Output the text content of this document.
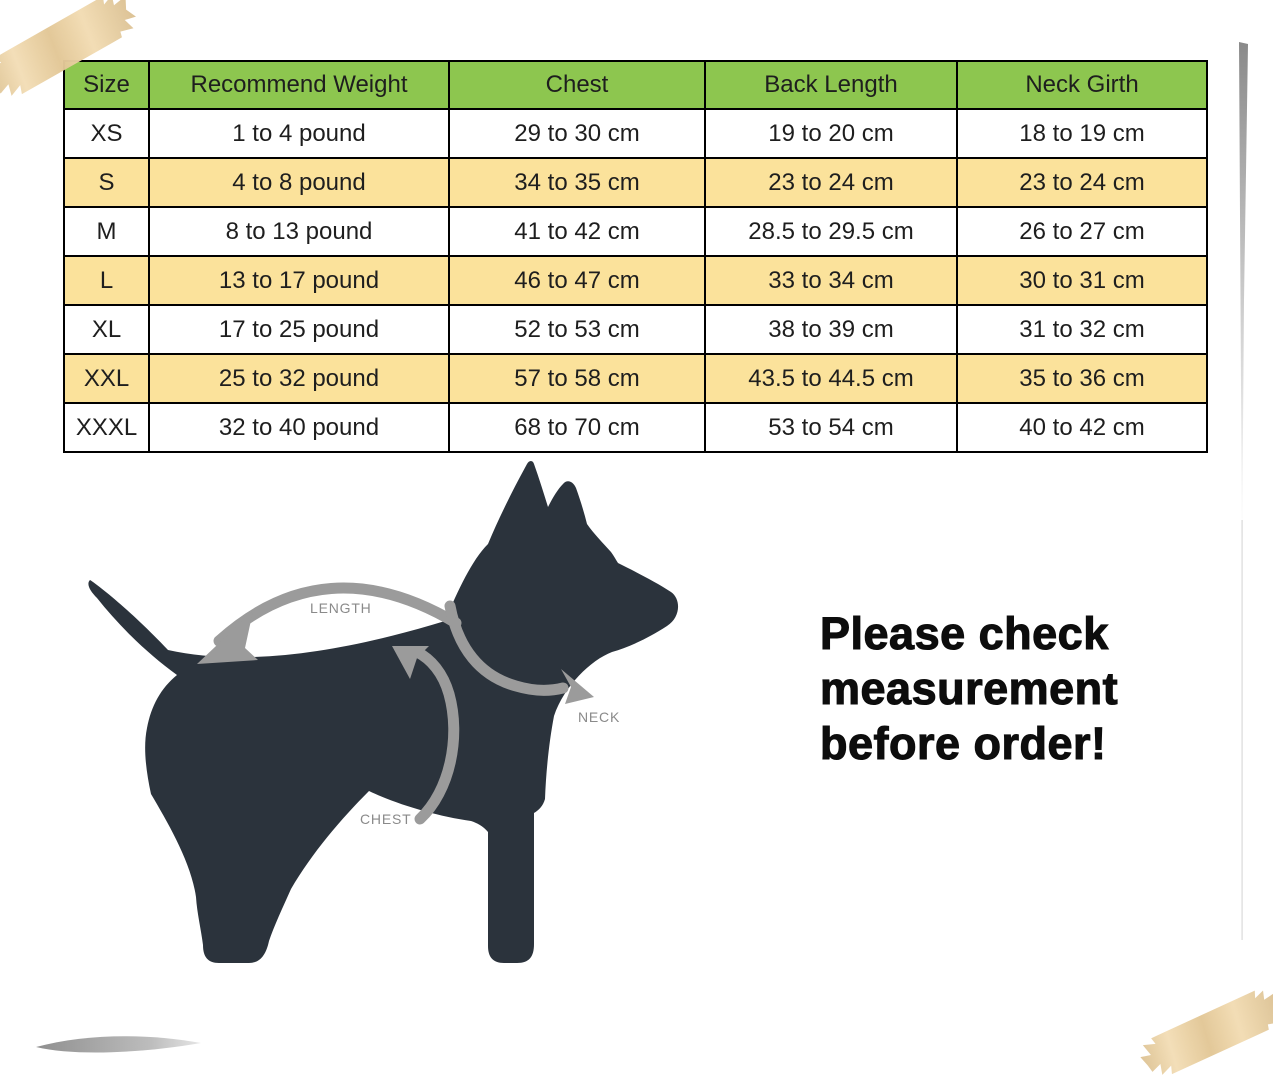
Size	Recommend Weight	Chest	Back Length	Neck Girth
XS	1 to 4 pound	29 to 30 cm	19 to 20 cm	18 to 19 cm
S	4 to 8 pound	34 to 35 cm	23 to 24 cm	23 to 24 cm
M	8 to 13 pound	41 to 42 cm	28.5 to 29.5 cm	26 to 27 cm
L	13 to 17 pound	46 to 47 cm	33 to 34 cm	30 to 31 cm
XL	17 to 25 pound	52 to 53 cm	38 to 39 cm	31 to 32 cm
XXL	25 to 32 pound	57 to 58 cm	43.5 to 44.5 cm	35 to 36 cm
XXXL	32 to 40 pound	68 to 70 cm	53 to 54 cm	40 to 42 cm
LENGTH
NECK
CHEST
Please check
measurement
before order!
